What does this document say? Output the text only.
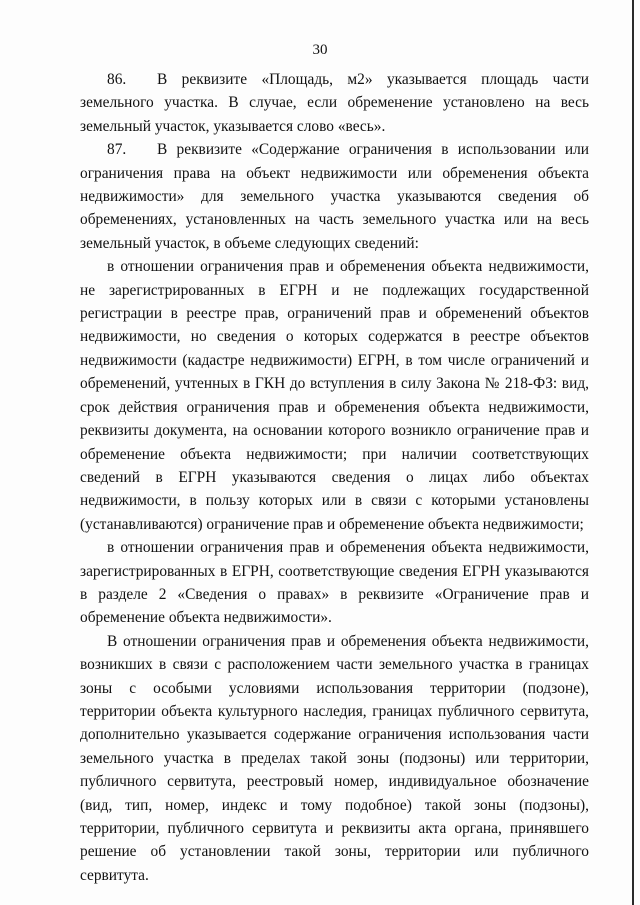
30

86. В реквизите «Площадь, м2» указывается площадь части земельного участка. В случае, если обременение установлено на весь земельный участок, указывается слово «весь».

87. В реквизите «Содержание ограничения в использовании или ограничения права на объект недвижимости или обременения объекта недвижимости» для земельного участка указываются сведения об обременениях, установленных на часть земельного участка или на весь земельный участок, в объеме следующих сведений:

в отношении ограничения прав и обременения объекта недвижимости, не зарегистрированных в ЕГРН и не подлежащих государственной регистрации в реестре прав, ограничений прав и обременений объектов недвижимости, но сведения о которых содержатся в реестре объектов недвижимости (кадастре недвижимости) ЕГРН, в том числе ограничений и обременений, учтенных в ГКН до вступления в силу Закона № 218-ФЗ: вид, срок действия ограничения прав и обременения объекта недвижимости, реквизиты документа, на основании которого возникло ограничение прав и обременение объекта недвижимости; при наличии соответствующих сведений в ЕГРН указываются сведения о лицах либо объектах недвижимости, в пользу которых или в связи с которыми установлены (устанавливаются) ограничение прав и обременение объекта недвижимости;

в отношении ограничения прав и обременения объекта недвижимости, зарегистрированных в ЕГРН, соответствующие сведения ЕГРН указываются в разделе 2 «Сведения о правах» в реквизите «Ограничение прав и обременение объекта недвижимости».

В отношении ограничения прав и обременения объекта недвижимости, возникших в связи с расположением части земельного участка в границах зоны с особыми условиями использования территории (подзоне), территории объекта культурного наследия, границах публичного сервитута, дополнительно указывается содержание ограничения использования части земельного участка в пределах такой зоны (подзоны) или территории, публичного сервитута, реестровый номер, индивидуальное обозначение (вид, тип, номер, индекс и тому подобное) такой зоны (подзоны), территории, публичного сервитута и реквизиты акта органа, принявшего решение об установлении такой зоны, территории или публичного сервитута.
